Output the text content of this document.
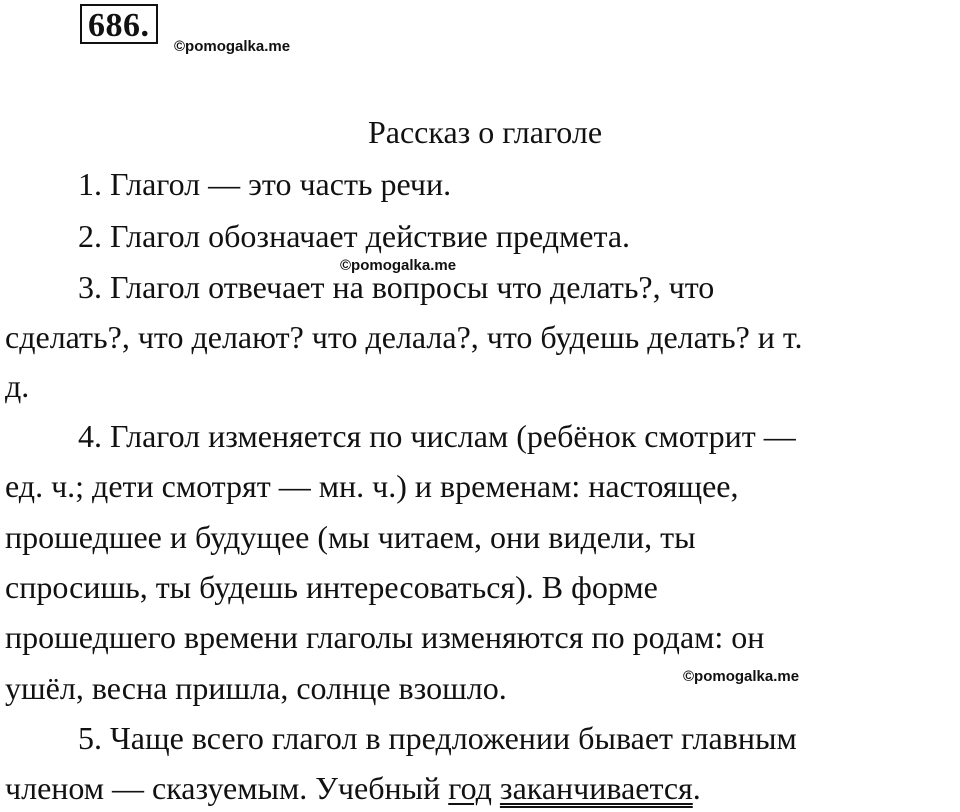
686.
©pomogalka.me
©pomogalka.me
©pomogalka.me
Рассказ о глаголе
1. Глагол — это часть речи.
2. Глагол обозначает действие предмета.
3. Глагол отвечает на вопросы что делать?, что
сделать?, что делают? что делала?, что будешь делать? и т.
д.
4. Глагол изменяется по числам (ребёнок смотрит —
ед. ч.; дети смотрят — мн. ч.) и временам: настоящее,
прошедшее и будущее (мы читаем, они видели, ты
спросишь, ты будешь интересоваться). В форме
прошедшего времени глаголы изменяются по родам: он
ушёл, весна пришла, солнце взошло.
5. Чаще всего глагол в предложении бывает главным
членом — сказуемым. Учебный год заканчивается.
